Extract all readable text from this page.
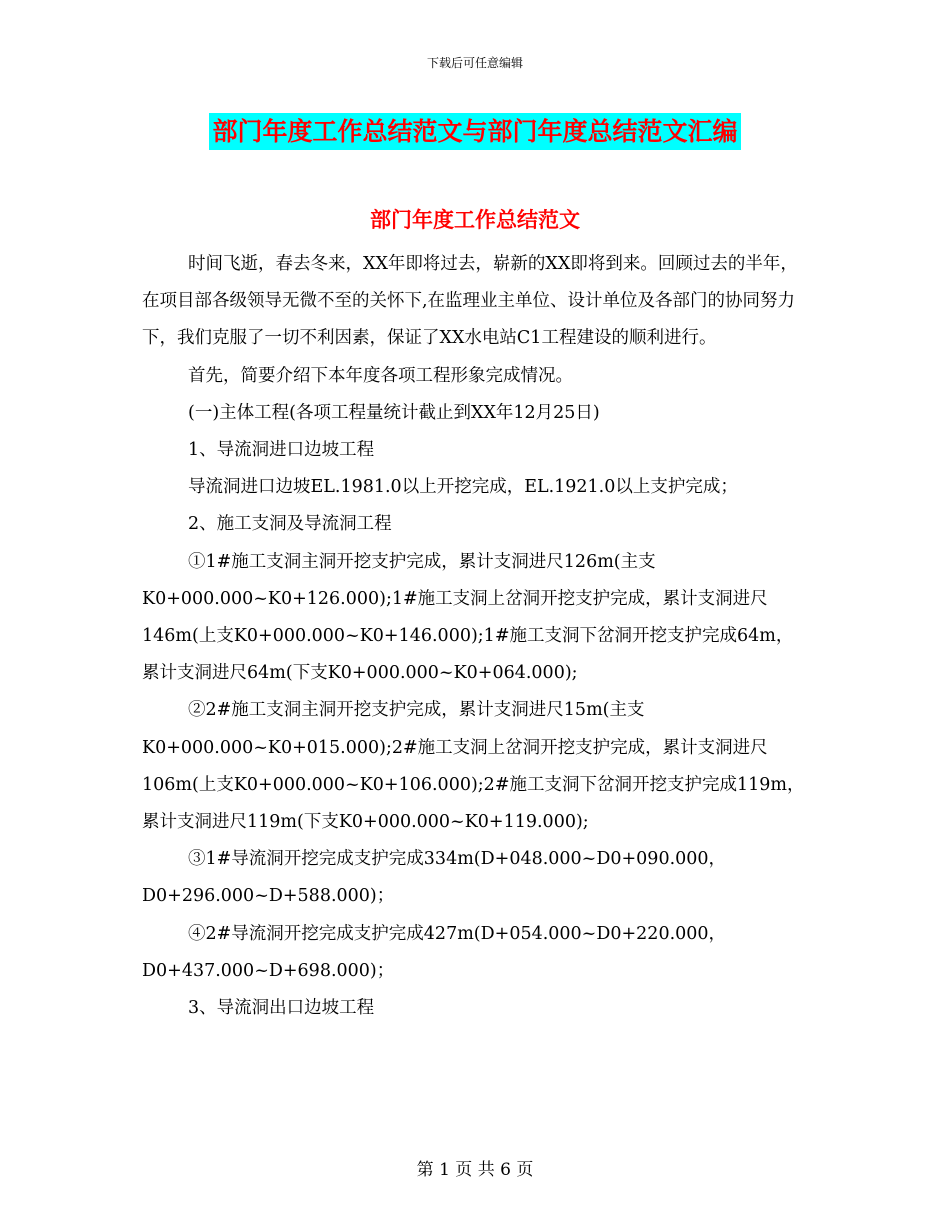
下载后可任意编辑
部门年度工作总结范文与部门年度总结范文汇编
部门年度工作总结范文

时间飞逝，春去冬来，XX年即将过去，崭新的XX即将到来。回顾过去的半年，在项目部各级领导无微不至的关怀下,在监理业主单位、设计单位及各部门的协同努力下，我们克服了一切不利因素，保证了XX水电站C1工程建设的顺利进行。

首先，简要介绍下本年度各项工程形象完成情况。

(一)主体工程(各项工程量统计截止到XX年12月25日)

1、导流洞进口边坡工程

导流洞进口边坡EL.1981.0以上开挖完成，EL.1921.0以上支护完成；

2、施工支洞及导流洞工程

①1#施工支洞主洞开挖支护完成，累计支洞进尺126m(主支K0+000.000~K0+126.000);1#施工支洞上岔洞开挖支护完成，累计支洞进尺146m(上支K0+000.000~K0+146.000);1#施工支洞下岔洞开挖支护完成64m，累计支洞进尺64m(下支K0+000.000~K0+064.000);

②2#施工支洞主洞开挖支护完成，累计支洞进尺15m(主支K0+000.000~K0+015.000);2#施工支洞上岔洞开挖支护完成，累计支洞进尺106m(上支K0+000.000~K0+106.000);2#施工支洞下岔洞开挖支护完成119m，累计支洞进尺119m(下支K0+000.000~K0+119.000);

③1#导流洞开挖完成支护完成334m(D+048.000~D0+090.000，D0+296.000~D+588.000)；

④2#导流洞开挖完成支护完成427m(D+054.000~D0+220.000，D0+437.000~D+698.000)；

3、导流洞出口边坡工程

第 1 页 共 6 页
